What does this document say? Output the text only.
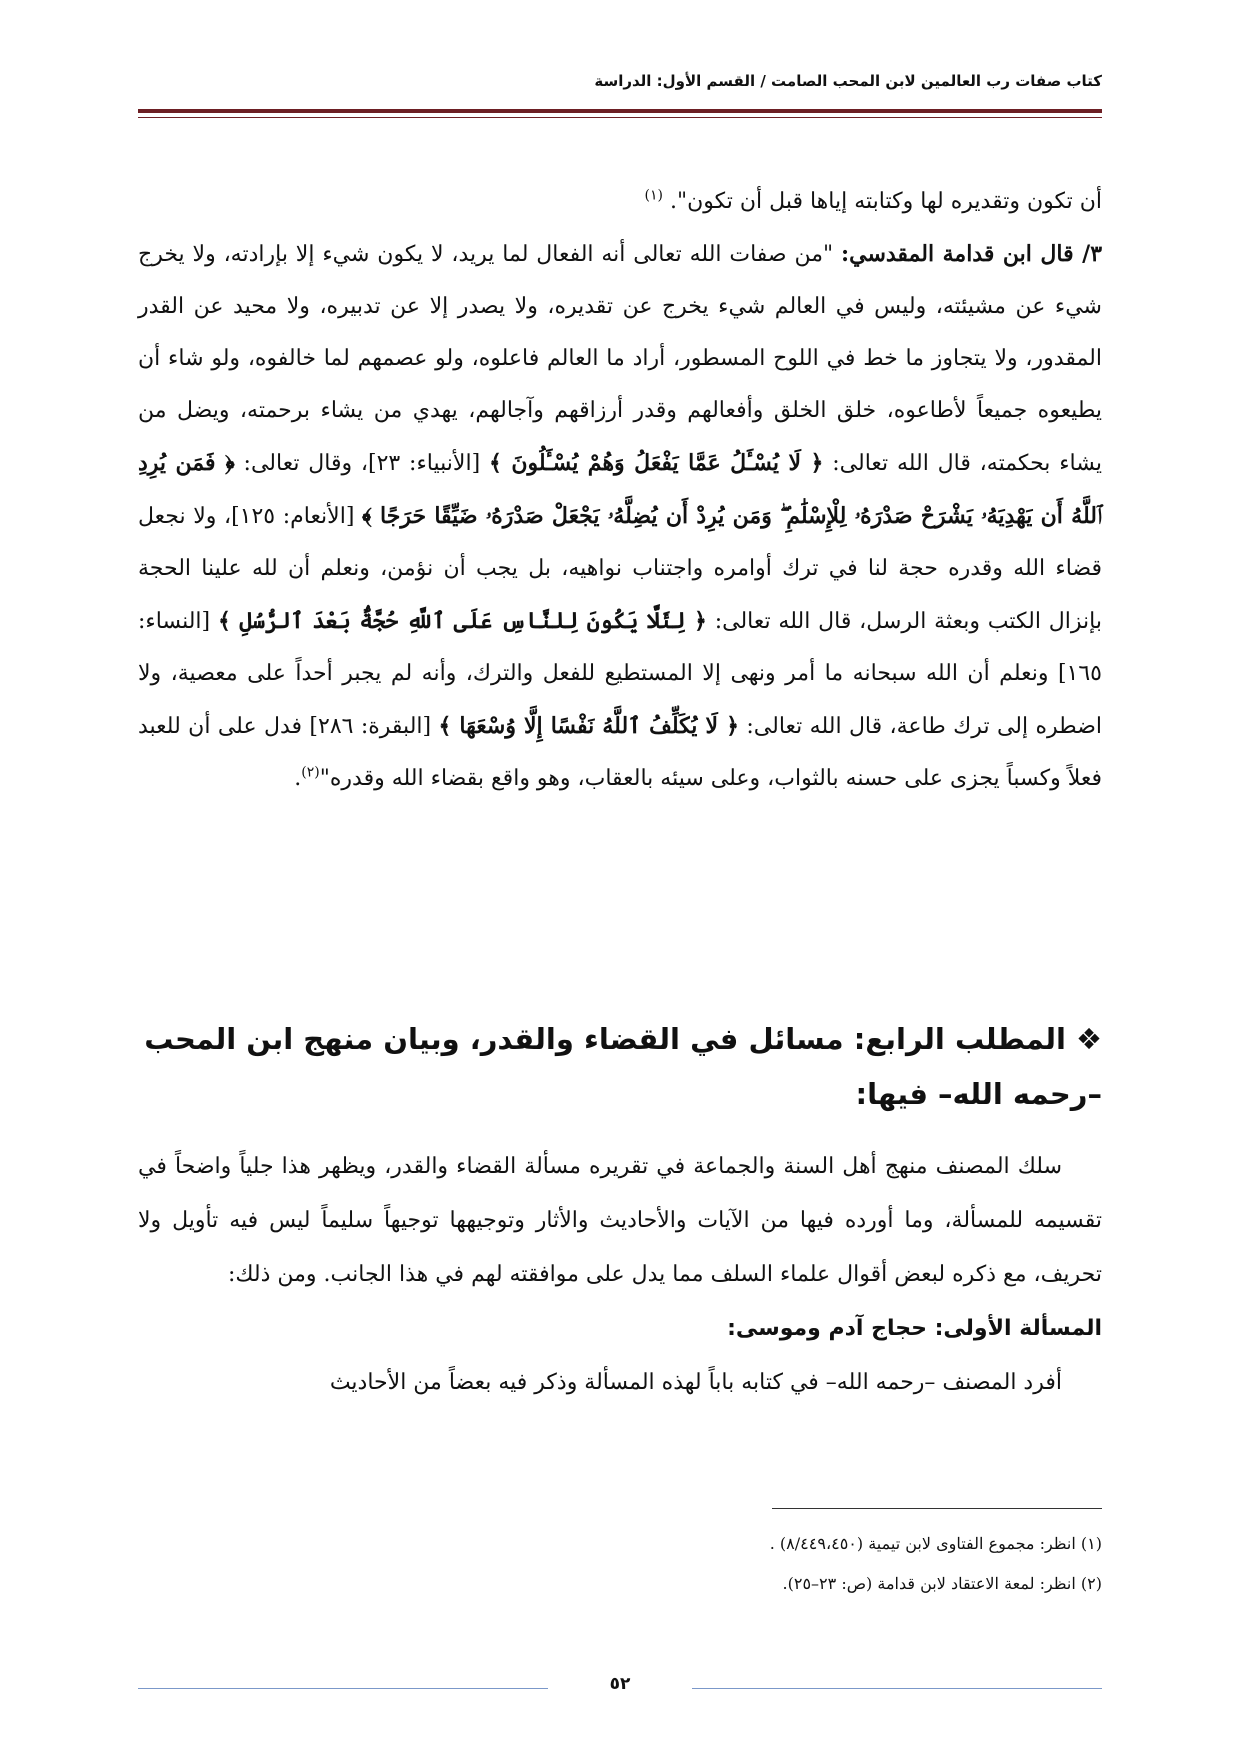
كتاب صفات رب العالمين لابن المحب الصامت / القسم الأول: الدراسة

أن تكون وتقديره لها وكتابته إياها قبل أن تكون". $^{(١)}$

٣/ قال ابن قدامة المقدسي: "من صفات الله تعالى أنه الفعال لما يريد، لا يكون شيء إلا بإرادته، ولا يخرج شيء عن مشيئته، وليس في العالم شيء يخرج عن تقديره، ولا يصدر إلا عن تدبيره، ولا محيد عن القدر المقدور، ولا يتجاوز ما خط في اللوح المسطور، أراد ما العالم فاعلوه، ولو عصمهم لما خالفوه، ولو شاء أن يطيعوه جميعاً لأطاعوه، خلق الخلق وأفعالهم وقدر أرزاقهم وآجالهم، يهدي من يشاء برحمته، ويضل من يشاء بحكمته، قال الله تعالى: ﴿ لَا يُسْـَٔلُ عَمَّا يَفْعَلُ وَهُمْ يُسْـَٔلُونَ ﴾ [الأنبياء: ٢٣]، وقال تعالى: ﴿ فَمَن يُرِدِ ٱللَّهُ أَن يَهْدِيَهُۥ يَشْرَحْ صَدْرَهُۥ لِلْإِسْلَٰمِ ۖ وَمَن يُرِدْ أَن يُضِلَّهُۥ يَجْعَلْ صَدْرَهُۥ ضَيِّقًا حَرَجًا ﴾ [الأنعام: ١٢٥]، ولا نجعل قضاء الله وقدره حجة لنا في ترك أوامره واجتناب نواهيه، بل يجب أن نؤمن، ونعلم أن لله علينا الحجة بإنزال الكتب وبعثة الرسل، قال الله تعالى: ﴿ لِئَلَّا يَكُونَ لِلنَّاسِ عَلَى ٱللَّهِ حُجَّةٌۢ بَعْدَ ٱلرُّسُلِ ﴾ [النساء: ١٦٥] ونعلم أن الله سبحانه ما أمر ونهى إلا المستطيع للفعل والترك، وأنه لم يجبر أحداً على معصية، ولا اضطره إلى ترك طاعة، قال الله تعالى: ﴿ لَا يُكَلِّفُ ٱللَّهُ نَفْسًا إِلَّا وُسْعَهَا ﴾ [البقرة: ٢٨٦] فدل على أن للعبد فعلاً وكسباً يجزى على حسنه بالثواب، وعلى سيئه بالعقاب، وهو واقع بقضاء الله وقدره"$^{(٢)}$.

❖المطلب الرابع: مسائل في القضاء والقدر، وبيان منهج ابن المحب –رحمه الله– فيها:

سلك المصنف منهج أهل السنة والجماعة في تقريره مسألة القضاء والقدر، ويظهر هذا جلياً واضحاً في تقسيمه للمسألة، وما أورده فيها من الآيات والأحاديث والأثار وتوجيهها توجيهاً سليماً ليس فيه تأويل ولا تحريف، مع ذكره لبعض أقوال علماء السلف مما يدل على موافقته لهم في هذا الجانب. ومن ذلك:

المسألة الأولى: حجاج آدم وموسى:

أفرد المصنف –رحمه الله– في كتابه باباً لهذه المسألة وذكر فيه بعضاً من الأحاديث

(١) انظر: مجموع الفتاوى لابن تيمية (٨/٤٤٩،٤٥٠) .

(٢) انظر: لمعة الاعتقاد لابن قدامة (ص: ٢٣–٢٥).

٥٢
